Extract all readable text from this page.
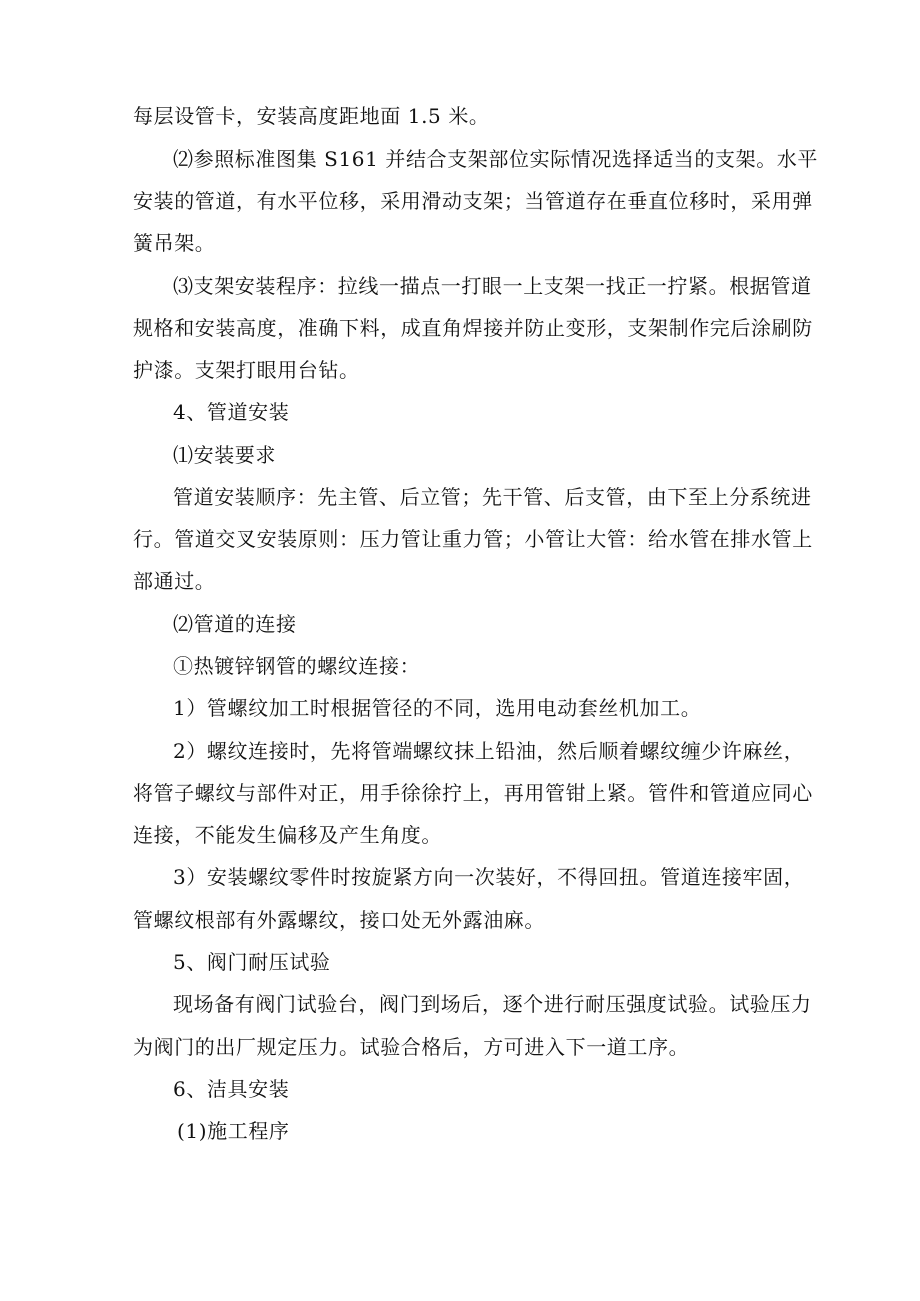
每层设管卡，安装高度距地面 1.5 米。
⑵参照标准图集 S161 并结合支架部位实际情况选择适当的支架。水平
安装的管道，有水平位移，采用滑动支架；当管道存在垂直位移时，采用弹
簧吊架。
⑶支架安装程序：拉线一描点一打眼一上支架一找正一拧紧。根据管道
规格和安装高度，准确下料，成直角焊接并防止变形，支架制作完后涂刷防
护漆。支架打眼用台钻。
4、管道安装
⑴安装要求
管道安装顺序：先主管、后立管；先干管、后支管，由下至上分系统进
行。管道交叉安装原则：压力管让重力管；小管让大管：给水管在排水管上
部通过。
⑵管道的连接
①热镀锌钢管的螺纹连接：
1）管螺纹加工时根据管径的不同，选用电动套丝机加工。
2）螺纹连接时，先将管端螺纹抹上铅油，然后顺着螺纹缠少许麻丝，
将管子螺纹与部件对正，用手徐徐拧上，再用管钳上紧。管件和管道应同心
连接，不能发生偏移及产生角度。
3）安装螺纹零件时按旋紧方向一次装好，不得回扭。管道连接牢固，
管螺纹根部有外露螺纹，接口处无外露油麻。
5、阀门耐压试验
现场备有阀门试验台，阀门到场后，逐个进行耐压强度试验。试验压力
为阀门的出厂规定压力。试验合格后，方可进入下一道工序。
6、洁具安装
(1)施工程序
